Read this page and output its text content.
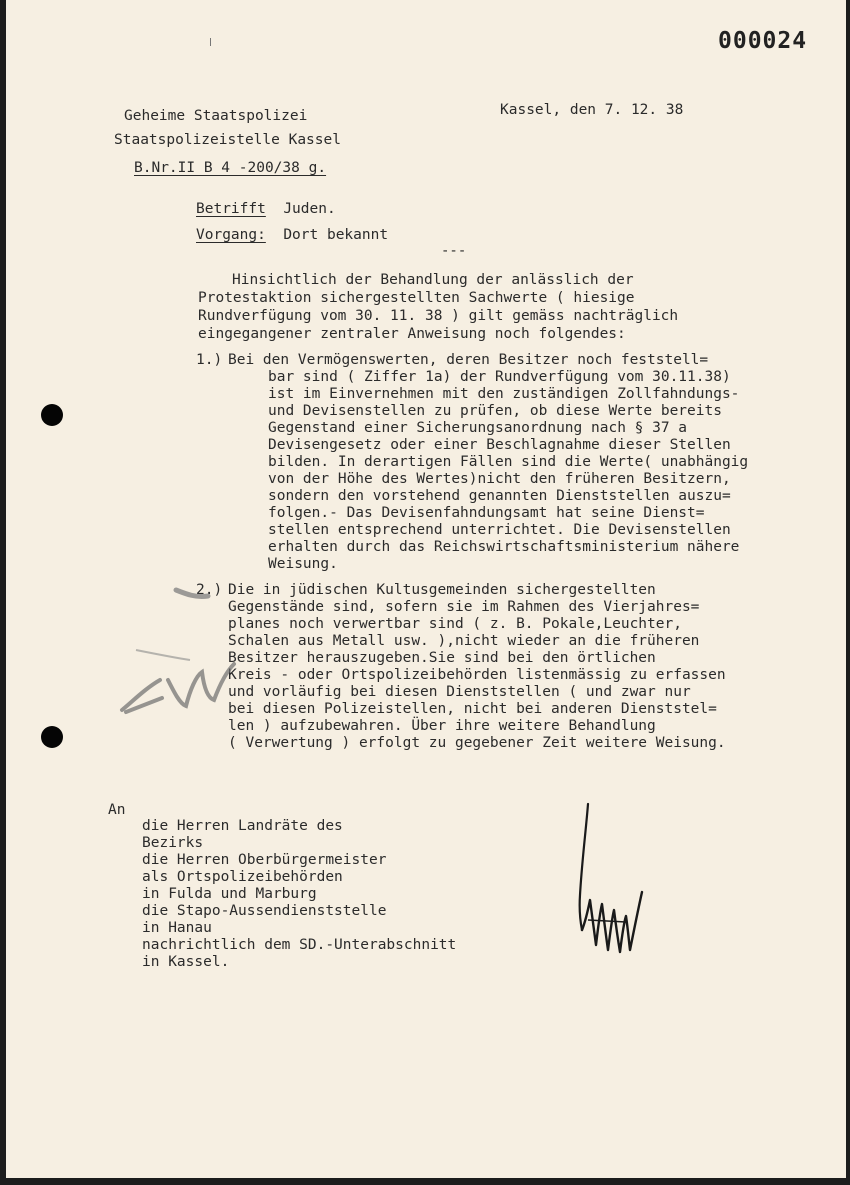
000024
Geheime Staatspolizei
Staatspolizeistelle Kassel
B.Nr.II B 4 -200/38 g.
Kassel, den 7. 12. 38
Betrifft Juden.
Vorgang: Dort bekannt
---
Hinsichtlich der Behandlung der anlässlich der
Protestaktion sichergestellten Sachwerte ( hiesige
Rundverfügung vom 30. 11. 38 ) gilt gemäss nachträglich
eingegangener zentraler Anweisung noch folgendes:
1.) Bei den Vermögenswerten, deren Besitzer noch feststell=
bar sind ( Ziffer 1a) der Rundverfügung vom 30.11.38)
ist im Einvernehmen mit den zuständigen Zollfahndungs-
und Devisenstellen zu prüfen, ob diese Werte bereits
Gegenstand einer Sicherungsanordnung nach § 37 a
Devisengesetz oder einer Beschlagnahme dieser Stellen
bilden. In derartigen Fällen sind die Werte( unabhängig
von der Höhe des Wertes)nicht den früheren Besitzern,
sondern den vorstehend genannten Dienststellen auszu=
folgen.- Das Devisenfahndungsamt hat seine Dienst=
stellen entsprechend unterrichtet. Die Devisenstellen
erhalten durch das Reichswirtschaftsministerium nähere
Weisung.
2.) Die in jüdischen Kultusgemeinden sichergestellten
Gegenstände sind, sofern sie im Rahmen des Vierjahres=
planes noch verwertbar sind ( z. B. Pokale,Leuchter,
Schalen aus Metall usw. ),nicht wieder an die früheren
Besitzer herauszugeben.Sie sind bei den örtlichen
Kreis - oder Ortspolizeibehörden listenmässig zu erfassen
und vorläufig bei diesen Dienststellen ( und zwar nur
bei diesen Polizeistellen, nicht bei anderen Dienststel=
len ) aufzubewahren. Über ihre weitere Behandlung
( Verwertung ) erfolgt zu gegebener Zeit weitere Weisung.
An
die Herren Landräte des
Bezirks
die Herren Oberbürgermeister
als Ortspolizeibehörden
in Fulda und Marburg
die Stapo-Aussendienststelle
in Hanau
nachrichtlich dem SD.-Unterabschnitt
in Kassel.
